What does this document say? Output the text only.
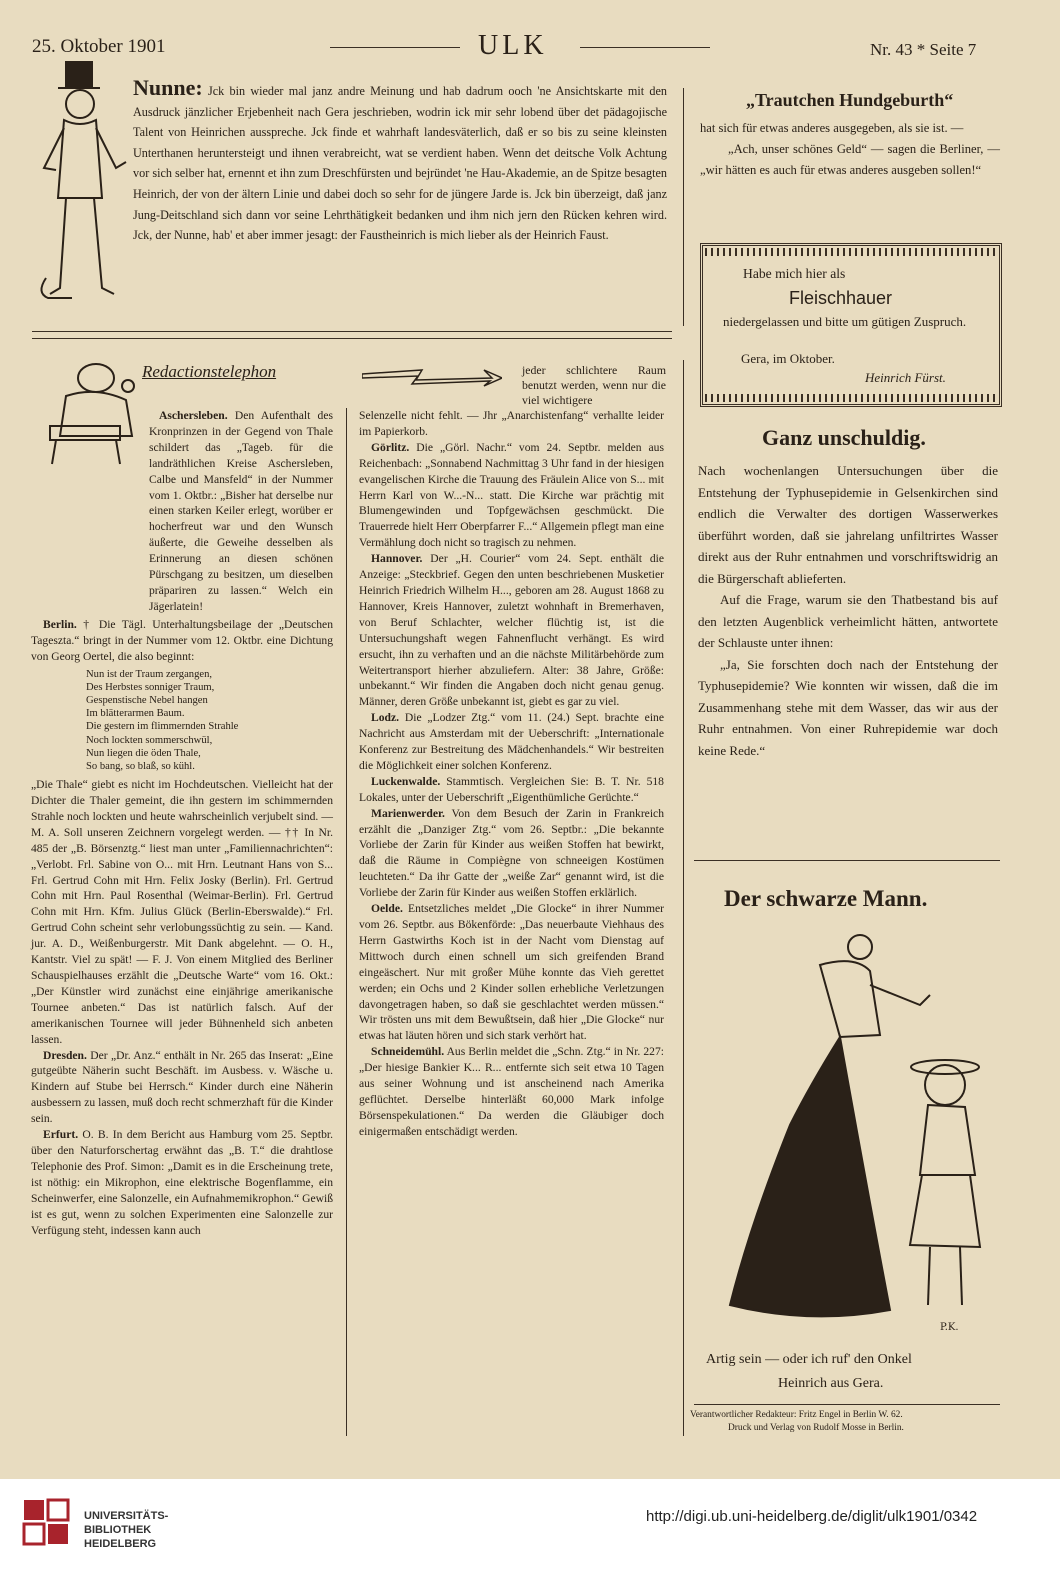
25. Oktober 1901	ULK	Nr. 43 * Seite 7

Nunne: Jck bin wieder mal janz andre Meinung und hab dadrum ooch 'ne Ansichtskarte mit den Ausdruck jänzlicher Erjebenheit nach Gera jeschrieben, wodrin ick mir sehr lobend über det pädagojische Talent von Heinrichen ausspreche. Jck finde et wahrhaft landesväterlich, daß er so bis zu seine kleinsten Unterthanen heruntersteigt und ihnen verabreicht, wat se verdient haben. Wenn det deitsche Volk Achtung vor sich selber hat, ernennt et ihn zum Dreschfürsten und bejründet 'ne Hau-Akademie, an de Spitze besagten Heinrich, der von der ältern Linie und dabei doch so sehr for de jüngere Jarde is. Jck bin überzeigt, daß janz Jung-Deitschland sich dann vor seine Lehrthätigkeit bedanken und ihm nich jern den Rücken kehren wird. Jck, der Nunne, hab' et aber immer jesagt: der Faustheinrich is mich lieber als der Heinrich Faust.

„Trautchen Hundgeburth“

hat sich für etwas anderes ausgegeben, als sie ist. —

„Ach, unser schönes Geld“ — sagen die Berliner, — „wir hätten es auch für etwas anderes ausgeben sollen!“

Habe mich hier als
Fleischhauer
niedergelassen und bitte um gütigen Zuspruch.
Gera, im Oktober.
Heinrich Fürst.
Ganz unschuldig.

Nach wochenlangen Untersuchungen über die Entstehung der Typhusepidemie in Gelsenkirchen sind endlich die Verwalter des dortigen Wasserwerkes überführt worden, daß sie jahrelang unfiltrirtes Wasser direkt aus der Ruhr entnahmen und vorschriftswidrig an die Bürgerschaft ablieferten.

Auf die Frage, warum sie den Thatbestand bis auf den letzten Augenblick verheimlicht hätten, antwortete der Schlauste unter ihnen:

„Ja, Sie forschten doch nach der Entstehung der Typhusepidemie? Wie konnten wir wissen, daß die im Zusammenhang stehe mit dem Wasser, das wir aus der Ruhr entnahmen. Von einer Ruhrepidemie war doch keine Rede.“

Der schwarze Mann.
P.K.
Artig sein — oder ich ruf' den Onkel
Heinrich aus Gera.
Verantwortlicher Redakteur: Fritz Engel in Berlin W. 62.
Druck und Verlag von Rudolf Mosse in Berlin.
Redactionstelephon	jeder schlichtere Raum benutzt werden, wenn nur die viel wichtigere

Aschersleben. Den Aufenthalt des Kronprinzen in der Gegend von Thale schildert das „Tageb. für die landräthlichen Kreise Aschersleben, Calbe und Mansfeld“ in der Nummer vom 1. Oktbr.: „Bisher hat derselbe nur einen starken Keiler erlegt, worüber er hocherfreut war und den Wunsch äußerte, die Geweihe desselben als Erinnerung an diesen schönen Pürschgang zu besitzen, um dieselben präpariren zu lassen.“ Welch ein Jägerlatein!

Berlin. † Die Tägl. Unterhaltungsbeilage der „Deutschen Tageszta.“ bringt in der Nummer vom 12. Oktbr. eine Dichtung von Georg Oertel, die also beginnt:

Nun ist der Traum zergangen,
Des Herbstes sonniger Traum,
Gespenstische Nebel hangen
Im blätterarmen Baum.
Die gestern im flimmernden Strahle
Noch lockten sommerschwül,
Nun liegen die öden Thale,
So bang, so blaß, so kühl.

„Die Thale“ giebt es nicht im Hochdeutschen. Vielleicht hat der Dichter die Thaler gemeint, die ihn gestern im schimmernden Strahle noch lockten und heute wahrscheinlich verjubelt sind. — M. A. Soll unseren Zeichnern vorgelegt werden. — †† In Nr. 485 der „B. Börsenztg.“ liest man unter „Familiennachrichten“: „Verlobt. Frl. Sabine von O... mit Hrn. Leutnant Hans von S... Frl. Gertrud Cohn mit Hrn. Felix Josky (Berlin). Frl. Gertrud Cohn mit Hrn. Paul Rosenthal (Weimar-Berlin). Frl. Gertrud Cohn mit Hrn. Kfm. Julius Glück (Berlin-Eberswalde).“ Frl. Gertrud Cohn scheint sehr verlobungssüchtig zu sein. — Kand. jur. A. D., Weißenburgerstr. Mit Dank abgelehnt. — O. H., Kantstr. Viel zu spät! — F. J. Von einem Mitglied des Berliner Schauspielhauses erzählt die „Deutsche Warte“ vom 16. Okt.: „Der Künstler wird zunächst eine einjährige amerikanische Tournee anbeten.“ Das ist natürlich falsch. Auf der amerikanischen Tournee will jeder Bühnenheld sich anbeten lassen.

Dresden. Der „Dr. Anz.“ enthält in Nr. 265 das Inserat: „Eine gutgeübte Näherin sucht Beschäft. im Ausbess. v. Wäsche u. Kindern auf Stube bei Herrsch.“ Kinder durch eine Näherin ausbessern zu lassen, muß doch recht schmerzhaft für die Kinder sein.

Erfurt. O. B. In dem Bericht aus Hamburg vom 25. Septbr. über den Naturforschertag erwähnt das „B. T.“ die drahtlose Telephonie des Prof. Simon: „Damit es in die Erscheinung trete, ist nöthig: ein Mikrophon, eine elektrische Bogenflamme, ein Scheinwerfer, eine Salonzelle, ein Aufnahmemikrophon.“ Gewiß ist es gut, wenn zu solchen Experimenten eine Salonzelle zur Verfügung steht, indessen kann auch

Selenzelle nicht fehlt. — Jhr „Anarchistenfang“ verhallte leider im Papierkorb.

Görlitz. Die „Görl. Nachr.“ vom 24. Septbr. melden aus Reichenbach: „Sonnabend Nachmittag 3 Uhr fand in der hiesigen evangelischen Kirche die Trauung des Fräulein Alice von S... mit Herrn Karl von W...-N... statt. Die Kirche war prächtig mit Blumengewinden und Topfgewächsen geschmückt. Die Trauerrede hielt Herr Oberpfarrer F...“ Allgemein pflegt man eine Vermählung doch nicht so tragisch zu nehmen.

Hannover. Der „H. Courier“ vom 24. Sept. enthält die Anzeige: „Steckbrief. Gegen den unten beschriebenen Musketier Heinrich Friedrich Wilhelm H..., geboren am 28. August 1868 zu Hannover, Kreis Hannover, zuletzt wohnhaft in Bremerhaven, von Beruf Schlachter, welcher flüchtig ist, ist die Untersuchungshaft wegen Fahnenflucht verhängt. Es wird ersucht, ihn zu verhaften und an die nächste Militärbehörde zum Weitertransport hierher abzuliefern. Alter: 38 Jahre, Größe: unbekannt.“ Wir finden die Angaben doch nicht genau genug. Männer, deren Größe unbekannt ist, giebt es gar zu viel.

Lodz. Die „Lodzer Ztg.“ vom 11. (24.) Sept. brachte eine Nachricht aus Amsterdam mit der Ueberschrift: „Internationale Konferenz zur Bestreitung des Mädchenhandels.“ Wir bestreiten die Möglichkeit einer solchen Konferenz.

Luckenwalde. Stammtisch. Vergleichen Sie: B. T. Nr. 518 Lokales, unter der Ueberschrift „Eigenthümliche Gerüchte.“

Marienwerder. Von dem Besuch der Zarin in Frankreich erzählt die „Danziger Ztg.“ vom 26. Septbr.: „Die bekannte Vorliebe der Zarin für Kinder aus weißen Stoffen hat bewirkt, daß die Räume in Compiègne von schneeigen Kostümen leuchteten.“ Da ihr Gatte der „weiße Zar“ genannt wird, ist die Vorliebe der Zarin für Kinder aus weißen Stoffen erklärlich.

Oelde. Entsetzliches meldet „Die Glocke“ in ihrer Nummer vom 26. Septbr. aus Bökenförde: „Das neuerbaute Viehhaus des Herrn Gastwirths Koch ist in der Nacht vom Dienstag auf Mittwoch durch einen schnell um sich greifenden Brand eingeäschert. Nur mit großer Mühe konnte das Vieh gerettet werden; ein Ochs und 2 Kinder sollen erhebliche Verletzungen davongetragen haben, so daß sie geschlachtet werden müssen.“ Wir trösten uns mit dem Bewußtsein, daß hier „Die Glocke“ nur etwas hat läuten hören und sich stark verhört hat.

Schneidemühl. Aus Berlin meldet die „Schn. Ztg.“ in Nr. 227: „Der hiesige Bankier K... R... entfernte sich seit etwa 10 Tagen aus seiner Wohnung und ist anscheinend nach Amerika geflüchtet. Derselbe hinterläßt 60,000 Mark infolge Börsenspekulationen.“ Da werden die Gläubiger doch einigermaßen entschädigt werden.

UNIVERSITÄTS-
BIBLIOTHEK
HEIDELBERG
http://digi.ub.uni-heidelberg.de/diglit/ulk1901/0342
